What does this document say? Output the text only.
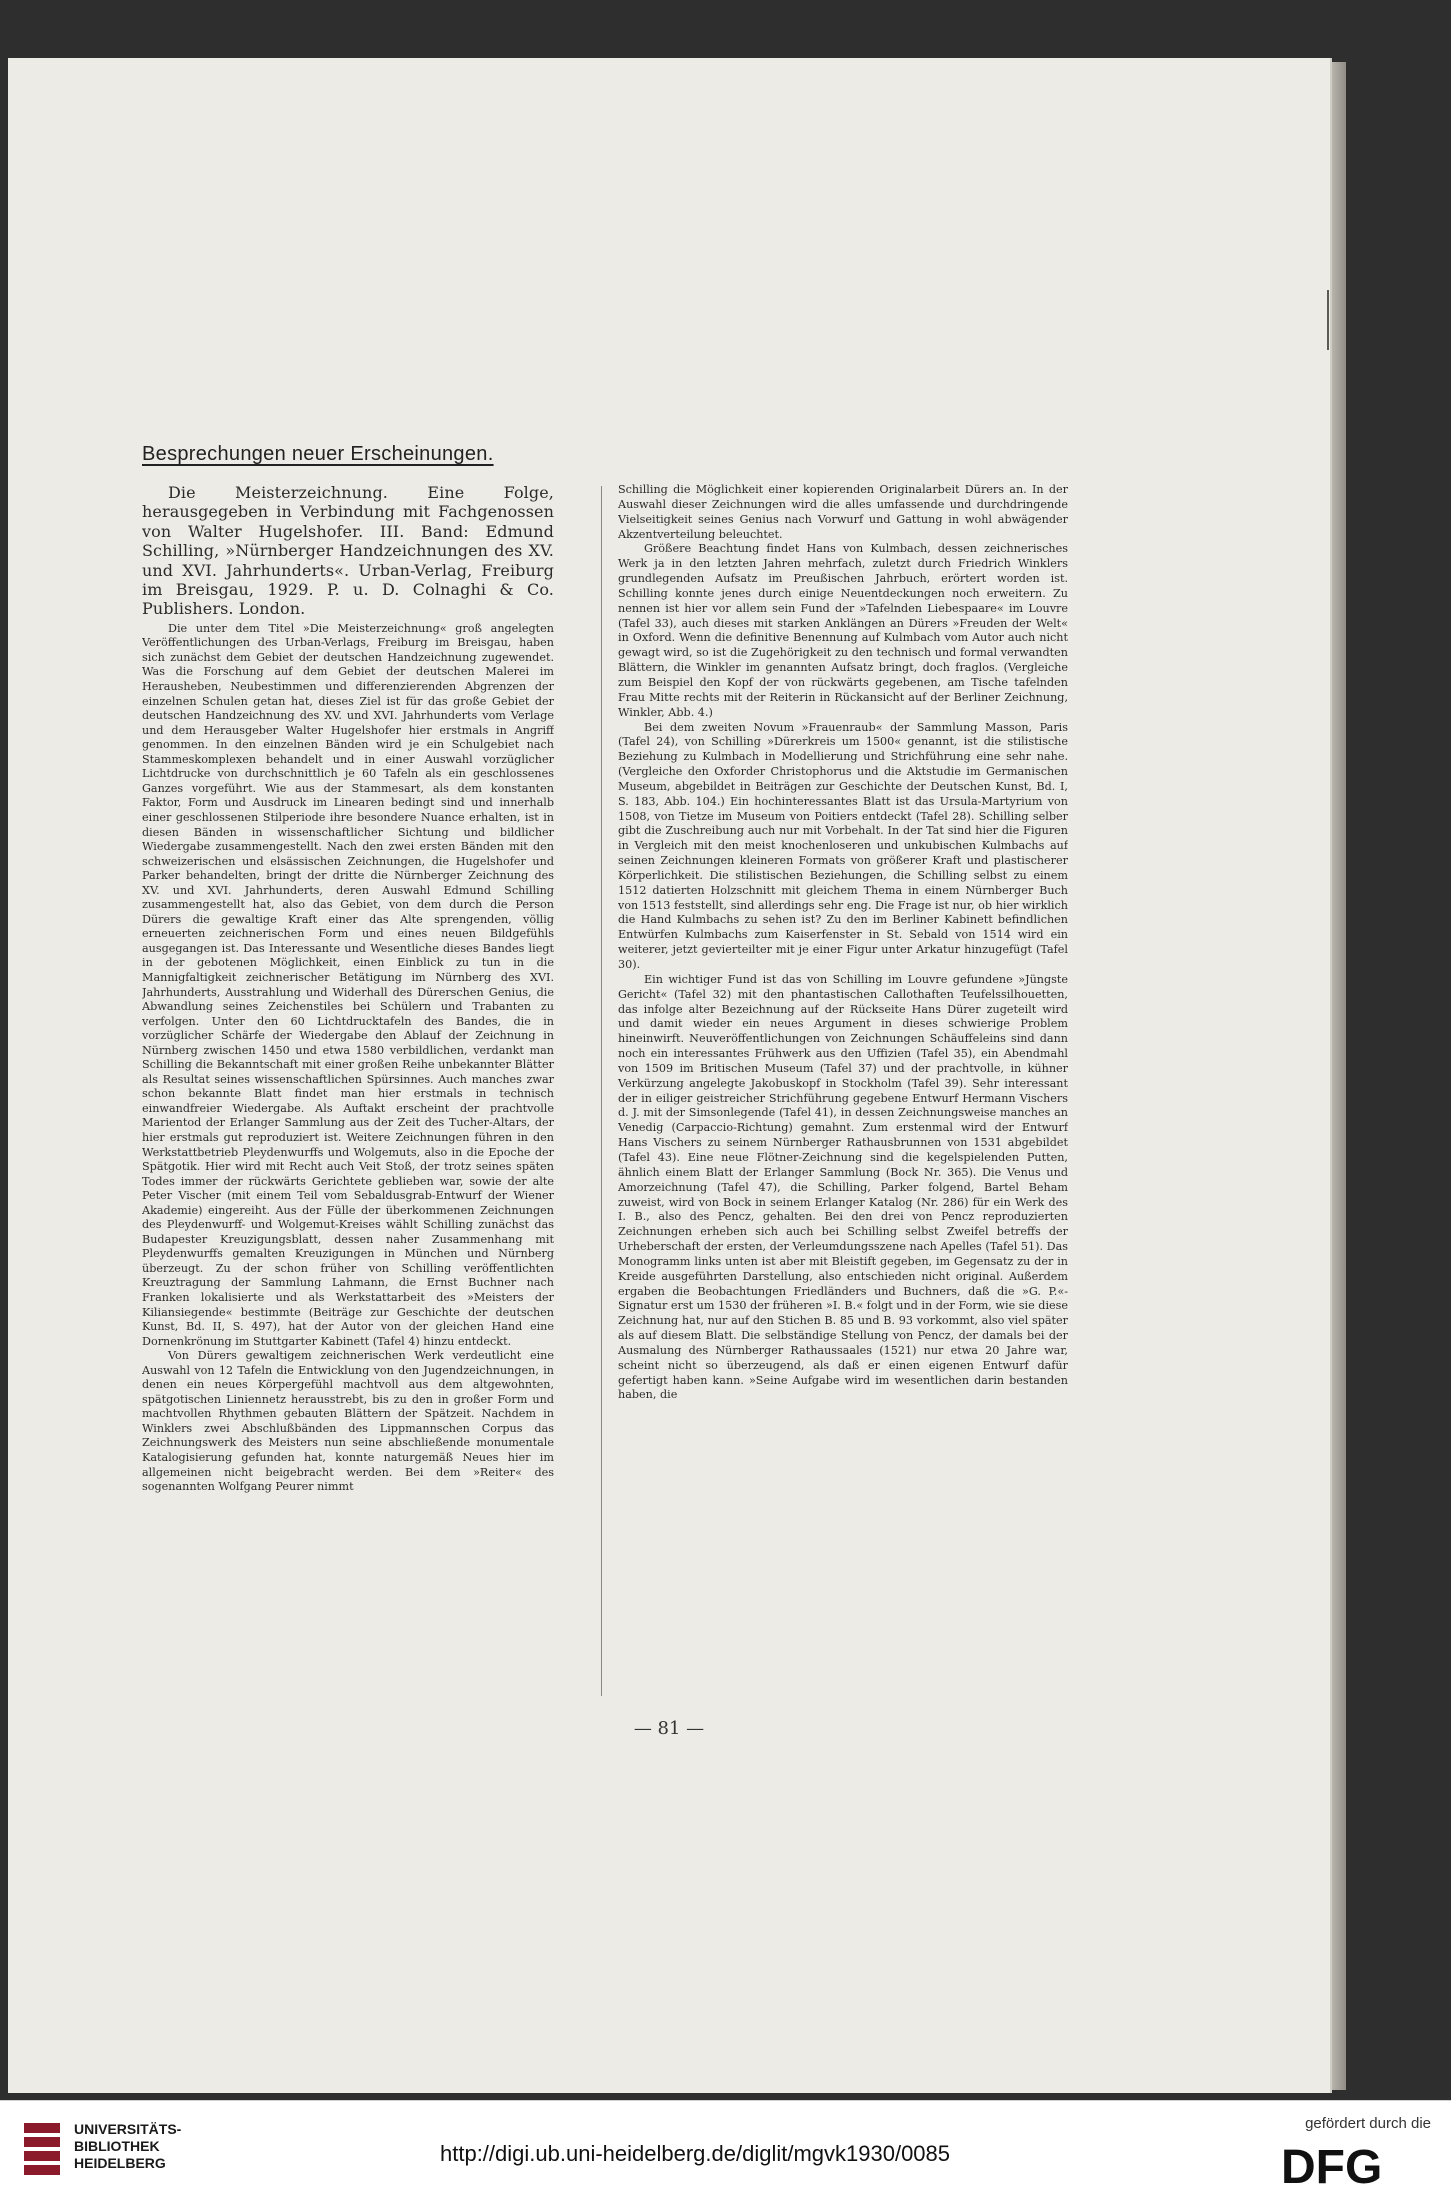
Besprechungen neuer Erscheinungen.

Die Meisterzeichnung. Eine Folge, herausgegeben in Verbindung mit Fachgenossen von Walter Hugelshofer. III. Band: Edmund Schilling, »Nürnberger Handzeichnungen des XV. und XVI. Jahrhunderts«. Urban-Verlag, Freiburg im Breisgau, 1929. P. u. D. Colnaghi & Co. Publishers. London.

Die unter dem Titel »Die Meisterzeichnung« groß angelegten Veröffentlichungen des Urban-Verlags, Freiburg im Breisgau, haben sich zunächst dem Gebiet der deutschen Handzeichnung zugewendet. Was die Forschung auf dem Gebiet der deutschen Malerei im Herausheben, Neubestimmen und differenzierenden Abgrenzen der einzelnen Schulen getan hat, dieses Ziel ist für das große Gebiet der deutschen Handzeichnung des XV. und XVI. Jahrhunderts vom Verlage und dem Herausgeber Walter Hugelshofer hier erstmals in Angriff genommen. In den einzelnen Bänden wird je ein Schulgebiet nach Stammeskomplexen behandelt und in einer Auswahl vorzüglicher Lichtdrucke von durchschnittlich je 60 Tafeln als ein geschlossenes Ganzes vorgeführt. Wie aus der Stammesart, als dem konstanten Faktor, Form und Ausdruck im Linearen bedingt sind und innerhalb einer geschlossenen Stilperiode ihre besondere Nuance erhalten, ist in diesen Bänden in wissenschaftlicher Sichtung und bildlicher Wiedergabe zusammengestellt. Nach den zwei ersten Bänden mit den schweizerischen und elsässischen Zeichnungen, die Hugelshofer und Parker behandelten, bringt der dritte die Nürnberger Zeichnung des XV. und XVI. Jahrhunderts, deren Auswahl Edmund Schilling zusammengestellt hat, also das Gebiet, von dem durch die Person Dürers die gewaltige Kraft einer das Alte sprengenden, völlig erneuerten zeichnerischen Form und eines neuen Bildgefühls ausgegangen ist. Das Interessante und Wesentliche dieses Bandes liegt in der gebotenen Möglichkeit, einen Einblick zu tun in die Mannigfaltigkeit zeichnerischer Betätigung im Nürnberg des XVI. Jahrhunderts, Ausstrahlung und Widerhall des Dürerschen Genius, die Abwandlung seines Zeichenstiles bei Schülern und Trabanten zu verfolgen. Unter den 60 Lichtdrucktafeln des Bandes, die in vorzüglicher Schärfe der Wiedergabe den Ablauf der Zeichnung in Nürnberg zwischen 1450 und etwa 1580 verbildlichen, verdankt man Schilling die Bekanntschaft mit einer großen Reihe unbekannter Blätter als Resultat seines wissenschaftlichen Spürsinnes. Auch manches zwar schon bekannte Blatt findet man hier erstmals in technisch einwandfreier Wiedergabe. Als Auftakt erscheint der prachtvolle Marientod der Erlanger Sammlung aus der Zeit des Tucher-Altars, der hier erstmals gut reproduziert ist. Weitere Zeichnungen führen in den Werkstattbetrieb Pleydenwurffs und Wolgemuts, also in die Epoche der Spätgotik. Hier wird mit Recht auch Veit Stoß, der trotz seines späten Todes immer der rückwärts Gerichtete geblieben war, sowie der alte Peter Vischer (mit einem Teil vom Sebaldusgrab-Entwurf der Wiener Akademie) eingereiht. Aus der Fülle der überkommenen Zeichnungen des Pleydenwurff- und Wolgemut-Kreises wählt Schilling zunächst das Budapester Kreuzigungsblatt, dessen naher Zusammenhang mit Pleydenwurffs gemalten Kreuzigungen in München und Nürnberg überzeugt. Zu der schon früher von Schilling veröffentlichten Kreuztragung der Sammlung Lahmann, die Ernst Buchner nach Franken lokalisierte und als Werkstattarbeit des »Meisters der Kiliansiegende« bestimmte (Beiträge zur Geschichte der deutschen Kunst, Bd. II, S. 497), hat der Autor von der gleichen Hand eine Dornenkrönung im Stuttgarter Kabinett (Tafel 4) hinzu entdeckt.

Von Dürers gewaltigem zeichnerischen Werk verdeutlicht eine Auswahl von 12 Tafeln die Entwicklung von den Jugendzeichnungen, in denen ein neues Körpergefühl machtvoll aus dem altgewohnten, spätgotischen Liniennetz herausstrebt, bis zu den in großer Form und machtvollen Rhythmen gebauten Blättern der Spätzeit. Nachdem in Winklers zwei Abschlußbänden des Lippmannschen Corpus das Zeichnungswerk des Meisters nun seine abschließende monumentale Katalogisierung gefunden hat, konnte naturgemäß Neues hier im allgemeinen nicht beigebracht werden. Bei dem »Reiter« des sogenannten Wolfgang Peurer nimmt

Schilling die Möglichkeit einer kopierenden Originalarbeit Dürers an. In der Auswahl dieser Zeichnungen wird die alles umfassende und durchdringende Vielseitigkeit seines Genius nach Vorwurf und Gattung in wohl abwägender Akzentverteilung beleuchtet.

Größere Beachtung findet Hans von Kulmbach, dessen zeichnerisches Werk ja in den letzten Jahren mehrfach, zuletzt durch Friedrich Winklers grundlegenden Aufsatz im Preußischen Jahrbuch, erörtert worden ist. Schilling konnte jenes durch einige Neuentdeckungen noch erweitern. Zu nennen ist hier vor allem sein Fund der »Tafelnden Liebespaare« im Louvre (Tafel 33), auch dieses mit starken Anklängen an Dürers »Freuden der Welt« in Oxford. Wenn die definitive Benennung auf Kulmbach vom Autor auch nicht gewagt wird, so ist die Zugehörigkeit zu den technisch und formal verwandten Blättern, die Winkler im genannten Aufsatz bringt, doch fraglos. (Vergleiche zum Beispiel den Kopf der von rückwärts gegebenen, am Tische tafelnden Frau Mitte rechts mit der Reiterin in Rückansicht auf der Berliner Zeichnung, Winkler, Abb. 4.)

Bei dem zweiten Novum »Frauenraub« der Sammlung Masson, Paris (Tafel 24), von Schilling »Dürerkreis um 1500« genannt, ist die stilistische Beziehung zu Kulmbach in Modellierung und Strichführung eine sehr nahe. (Vergleiche den Oxforder Christophorus und die Aktstudie im Germanischen Museum, abgebildet in Beiträgen zur Geschichte der Deutschen Kunst, Bd. I, S. 183, Abb. 104.) Ein hochinteressantes Blatt ist das Ursula-Martyrium von 1508, von Tietze im Museum von Poitiers entdeckt (Tafel 28). Schilling selber gibt die Zuschreibung auch nur mit Vorbehalt. In der Tat sind hier die Figuren in Vergleich mit den meist knochenloseren und unkubischen Kulmbachs auf seinen Zeichnungen kleineren Formats von größerer Kraft und plastischerer Körperlichkeit. Die stilistischen Beziehungen, die Schilling selbst zu einem 1512 datierten Holzschnitt mit gleichem Thema in einem Nürnberger Buch von 1513 feststellt, sind allerdings sehr eng. Die Frage ist nur, ob hier wirklich die Hand Kulmbachs zu sehen ist? Zu den im Berliner Kabinett befindlichen Entwürfen Kulmbachs zum Kaiserfenster in St. Sebald von 1514 wird ein weiterer, jetzt gevierteilter mit je einer Figur unter Arkatur hinzugefügt (Tafel 30).

Ein wichtiger Fund ist das von Schilling im Louvre gefundene »Jüngste Gericht« (Tafel 32) mit den phantastischen Callothaften Teufelssilhouetten, das infolge alter Bezeichnung auf der Rückseite Hans Dürer zugeteilt wird und damit wieder ein neues Argument in dieses schwierige Problem hineinwirft. Neuveröffentlichungen von Zeichnungen Schäuffeleins sind dann noch ein interessantes Frühwerk aus den Uffizien (Tafel 35), ein Abendmahl von 1509 im Britischen Museum (Tafel 37) und der prachtvolle, in kühner Verkürzung angelegte Jakobuskopf in Stockholm (Tafel 39). Sehr interessant der in eiliger geistreicher Strichführung gegebene Entwurf Hermann Vischers d. J. mit der Simsonlegende (Tafel 41), in dessen Zeichnungsweise manches an Venedig (Carpaccio-Richtung) gemahnt. Zum erstenmal wird der Entwurf Hans Vischers zu seinem Nürnberger Rathausbrunnen von 1531 abgebildet (Tafel 43). Eine neue Flötner-Zeichnung sind die kegelspielenden Putten, ähnlich einem Blatt der Erlanger Sammlung (Bock Nr. 365). Die Venus und Amorzeichnung (Tafel 47), die Schilling, Parker folgend, Bartel Beham zuweist, wird von Bock in seinem Erlanger Katalog (Nr. 286) für ein Werk des I. B., also des Pencz, gehalten. Bei den drei von Pencz reproduzierten Zeichnungen erheben sich auch bei Schilling selbst Zweifel betreffs der Urheberschaft der ersten, der Verleumdungsszene nach Apelles (Tafel 51). Das Monogramm links unten ist aber mit Bleistift gegeben, im Gegensatz zu der in Kreide ausgeführten Darstellung, also entschieden nicht original. Außerdem ergaben die Beobachtungen Friedländers und Buchners, daß die »G. P.«-Signatur erst um 1530 der früheren »I. B.« folgt und in der Form, wie sie diese Zeichnung hat, nur auf den Stichen B. 85 und B. 93 vorkommt, also viel später als auf diesem Blatt. Die selbständige Stellung von Pencz, der damals bei der Ausmalung des Nürnberger Rathaussaales (1521) nur etwa 20 Jahre war, scheint nicht so überzeugend, als daß er einen eigenen Entwurf dafür gefertigt haben kann. »Seine Aufgabe wird im wesentlichen darin bestanden haben, die

— 81 —
UNIVERSITÄTS-
BIBLIOTHEK
HEIDELBERG	http://digi.ub.uni-heidelberg.de/diglit/mgvk1930/0085
gefördert durch die
DFG
